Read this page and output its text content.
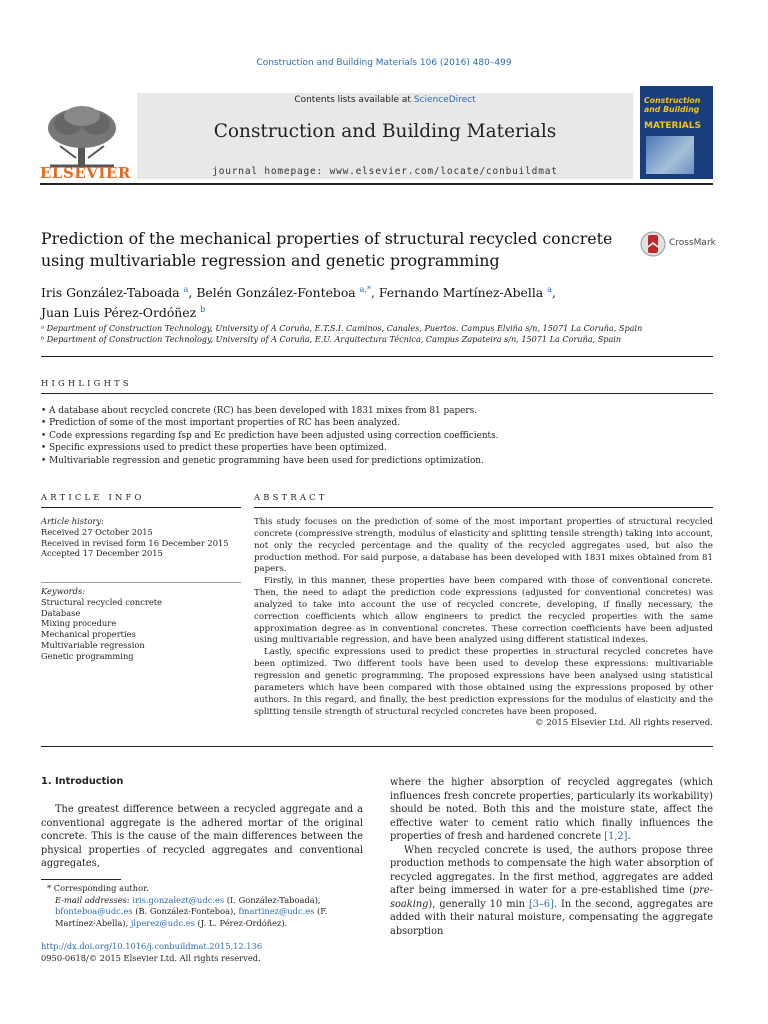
Construction and Building Materials 106 (2016) 480–499
ELSEVIER
Contents lists available at ScienceDirect
Construction and Building Materials
journal homepage: www.elsevier.com/locate/conbuildmat
Construction and Building
MATERIALS
Prediction of the mechanical properties of structural recycled concrete
using multivariable regression and genetic programming
CrossMark
Iris González-Taboada $^a$, Belén González-Fonteboa $^{a,*}$, Fernando Martínez-Abella $^a$,
Juan Luis Pérez-Ordóñez $^b$
ᵃ Department of Construction Technology, University of A Coruña, E.T.S.I. Caminos, Canales, Puertos. Campus Elviña s/n, 15071 La Coruña, Spain
ᵇ Department of Construction Technology, University of A Coruña, E.U. Arquitectura Técnica, Campus Zapateira s/n, 15071 La Coruña, Spain
HIGHLIGHTS
• A database about recycled concrete (RC) has been developed with 1831 mixes from 81 papers.
• Prediction of some of the most important properties of RC has been analyzed.
• Code expressions regarding fsp and Ec prediction have been adjusted using correction coefficients.
• Specific expressions used to predict these properties have been optimized.
• Multivariable regression and genetic programming have been used for predictions optimization.
ARTICLE INFO
Article history:
Received 27 October 2015
Received in revised form 16 December 2015
Accepted 17 December 2015
Keywords:
Structural recycled concrete
Database
Mixing procedure
Mechanical properties
Multivariable regression
Genetic programming
ABSTRACT

This study focuses on the prediction of some of the most important properties of structural recycled concrete (compressive strength, modulus of elasticity and splitting tensile strength) taking into account, not only the recycled percentage and the quality of the recycled aggregates used, but also the production method. For said purpose, a database has been developed with 1831 mixes obtained from 81 papers.

Firstly, in this manner, these properties have been compared with those of conventional concrete. Then, the need to adapt the prediction code expressions (adjusted for conventional concretes) was analyzed to take into account the use of recycled concrete, developing, if finally necessary, the correction coefficients which allow engineers to predict the recycled properties with the same approximation degree as in conventional concretes. These correction coefficients have been adjusted using multivariable regression, and have been analyzed using different statistical indexes.

Lastly, specific expressions used to predict these properties in structural recycled concretes have been optimized. Two different tools have been used to develop these expressions: multivariable regression and genetic programming. The proposed expressions have been analysed using statistical parameters which have been compared with those obtained using the expressions proposed by other authors. In this regard, and finally, the best prediction expressions for the modulus of elasticity and the splitting tensile strength of structural recycled concretes have been proposed.

© 2015 Elsevier Ltd. All rights reserved.
1. Introduction

The greatest difference between a recycled aggregate and a conventional aggregate is the adhered mortar of the original concrete. This is the cause of the main differences between the physical properties of recycled aggregates and conventional aggregates,

where the higher absorption of recycled aggregates (which influences fresh concrete properties, particularly its workability) should be noted. Both this and the moisture state, affect the effective water to cement ratio which finally influences the properties of fresh and hardened concrete [1,2].

When recycled concrete is used, the authors propose three production methods to compensate the high water absorption of recycled aggregates. In the first method, aggregates are added after being immersed in water for a pre-established time (pre-soaking), generally 10 min [3–6]. In the second, aggregates are added with their natural moisture, compensating the aggregate absorption

* Corresponding author.
E-mail addresses: iris.gonzalezt@udc.es (I. González-Taboada), bfonteboa@udc.es (B. González-Fonteboa), fmartinez@udc.es (F. Martínez-Abella), jlperez@udc.es (J. L. Pérez-Ordóñez).
http://dx.doi.org/10.1016/j.conbuildmat.2015.12.136
0950-0618/© 2015 Elsevier Ltd. All rights reserved.
